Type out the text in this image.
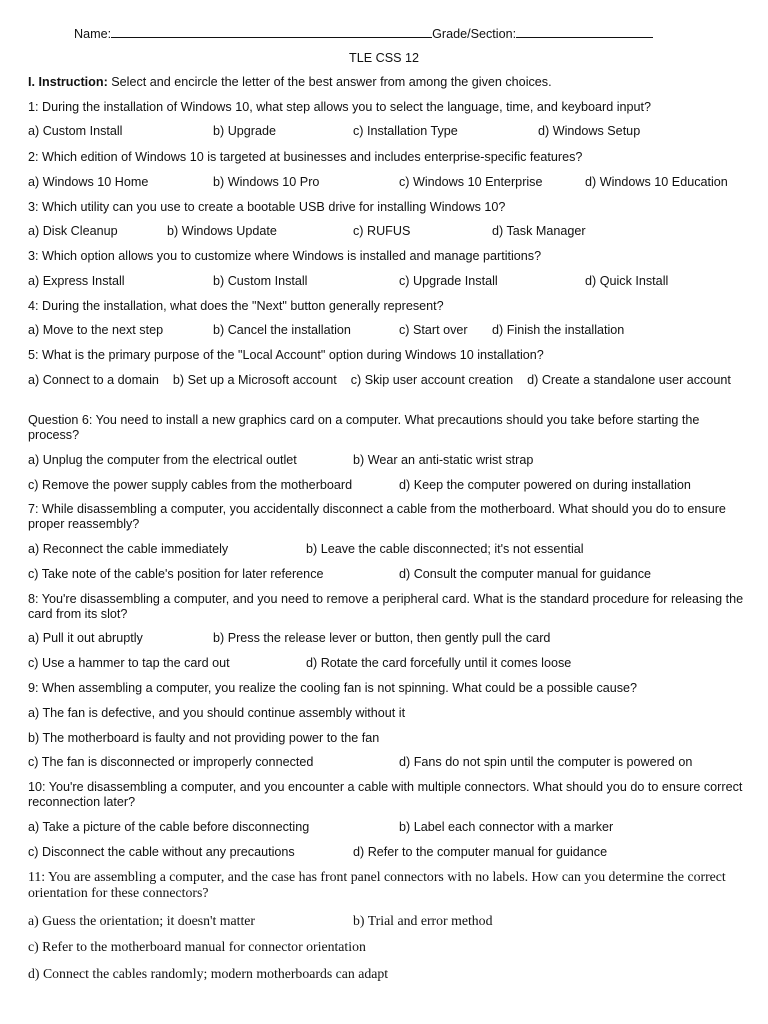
Name:	Grade/Section:
TLE CSS 12
I. Instruction: Select and encircle the letter of the best answer from among the given choices.
1: During the installation of Windows 10, what step allows you to select the language, time, and keyboard input?
a) Custom Install	b) Upgrade	c) Installation Type	d) Windows Setup
2: Which edition of Windows 10 is targeted at businesses and includes enterprise-specific features?
a) Windows 10 Home	b) Windows 10 Pro	c) Windows 10 Enterprise	d) Windows 10 Education
3: Which utility can you use to create a bootable USB drive for installing Windows 10?
a) Disk Cleanup	b) Windows Update	c) RUFUS	d) Task Manager
3: Which option allows you to customize where Windows is installed and manage partitions?
a) Express Install	b) Custom Install	c) Upgrade Install	d) Quick Install
4: During the installation, what does the "Next" button generally represent?
a) Move to the next step	b) Cancel the installation	c) Start over d) Finish the installation
5: What is the primary purpose of the "Local Account" option during Windows 10 installation?
a) Connect to a domain b) Set up a Microsoft account c) Skip user account creation d) Create a standalone user account
Question 6: You need to install a new graphics card on a computer. What precautions should you take before starting the process?
a) Unplug the computer from the electrical outlet	b) Wear an anti-static wrist strap
c) Remove the power supply cables from the motherboard	d) Keep the computer powered on during installation
7: While disassembling a computer, you accidentally disconnect a cable from the motherboard. What should you do to ensure proper reassembly?
a) Reconnect the cable immediately	b) Leave the cable disconnected; it's not essential
c) Take note of the cable's position for later reference	d) Consult the computer manual for guidance
8: You're disassembling a computer, and you need to remove a peripheral card. What is the standard procedure for releasing the card from its slot?
a) Pull it out abruptly	b) Press the release lever or button, then gently pull the card
c) Use a hammer to tap the card out	d) Rotate the card forcefully until it comes loose
9: When assembling a computer, you realize the cooling fan is not spinning. What could be a possible cause?
a) The fan is defective, and you should continue assembly without it
b) The motherboard is faulty and not providing power to the fan
c) The fan is disconnected or improperly connected	d) Fans do not spin until the computer is powered on
10: You're disassembling a computer, and you encounter a cable with multiple connectors. What should you do to ensure correct reconnection later?
a) Take a picture of the cable before disconnecting	b) Label each connector with a marker
c) Disconnect the cable without any precautions	d) Refer to the computer manual for guidance
11: You are assembling a computer, and the case has front panel connectors with no labels. How can you determine the correct orientation for these connectors?
a) Guess the orientation; it doesn't matter	b) Trial and error method
c) Refer to the motherboard manual for connector orientation
d) Connect the cables randomly; modern motherboards can adapt
